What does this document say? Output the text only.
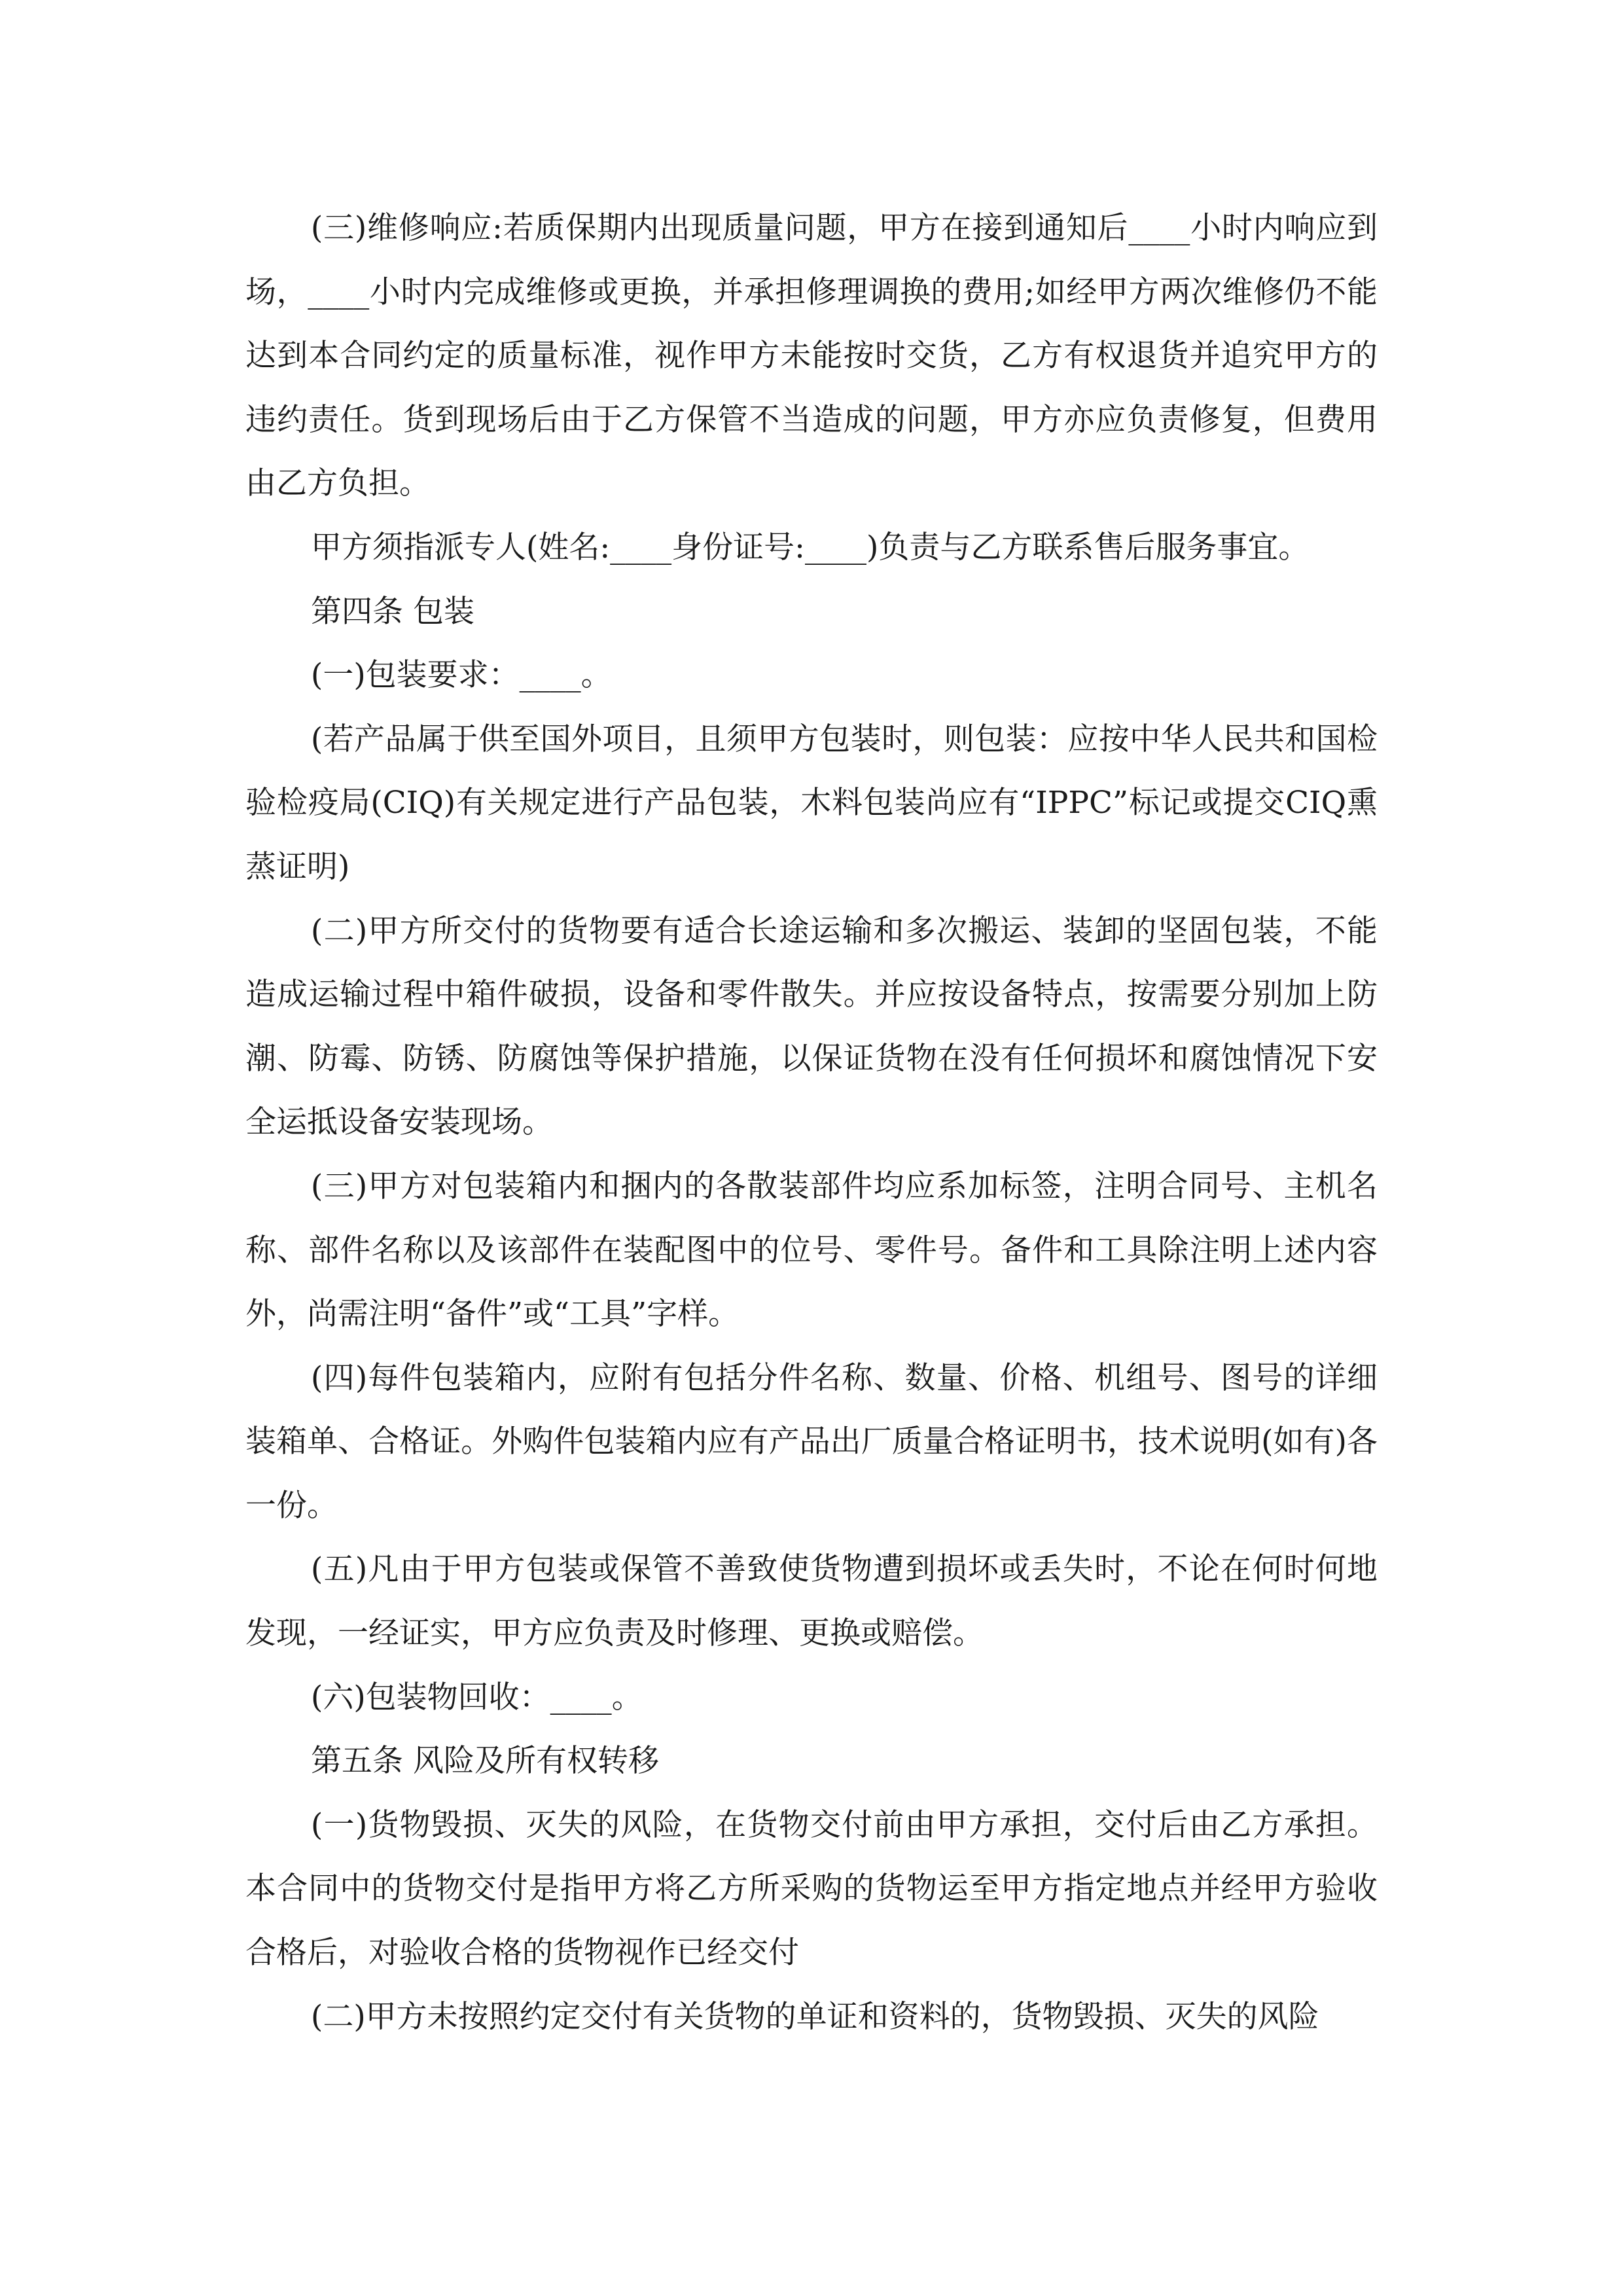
(三)维修响应:若质保期内出现质量问题，甲方在接到通知后____小时内响应到场，____小时内完成维修或更换，并承担修理调换的费用;如经甲方两次维修仍不能达到本合同约定的质量标准，视作甲方未能按时交货，乙方有权退货并追究甲方的违约责任。货到现场后由于乙方保管不当造成的问题，甲方亦应负责修复，但费用由乙方负担。

甲方须指派专人(姓名:____身份证号:____)负责与乙方联系售后服务事宜。

第四条 包装

(一)包装要求：____。

(若产品属于供至国外项目，且须甲方包装时，则包装：应按中华人民共和国检验检疫局(CIQ)有关规定进行产品包装，木料包装尚应有“IPPC”标记或提交CIQ熏蒸证明)

(二)甲方所交付的货物要有适合长途运输和多次搬运、装卸的坚固包装，不能造成运输过程中箱件破损，设备和零件散失。并应按设备特点，按需要分别加上防潮、防霉、防锈、防腐蚀等保护措施，以保证货物在没有任何损坏和腐蚀情况下安全运抵设备安装现场。

(三)甲方对包装箱内和捆内的各散装部件均应系加标签，注明合同号、主机名称、部件名称以及该部件在装配图中的位号、零件号。备件和工具除注明上述内容外，尚需注明“备件”或“工具”字样。

(四)每件包装箱内，应附有包括分件名称、数量、价格、机组号、图号的详细装箱单、合格证。外购件包装箱内应有产品出厂质量合格证明书，技术说明(如有)各一份。

(五)凡由于甲方包装或保管不善致使货物遭到损坏或丢失时，不论在何时何地发现，一经证实，甲方应负责及时修理、更换或赔偿。

(六)包装物回收：____。

第五条 风险及所有权转移

(一)货物毁损、灭失的风险，在货物交付前由甲方承担，交付后由乙方承担。本合同中的货物交付是指甲方将乙方所采购的货物运至甲方指定地点并经甲方验收合格后，对验收合格的货物视作已经交付

(二)甲方未按照约定交付有关货物的单证和资料的，货物毁损、灭失的风险
